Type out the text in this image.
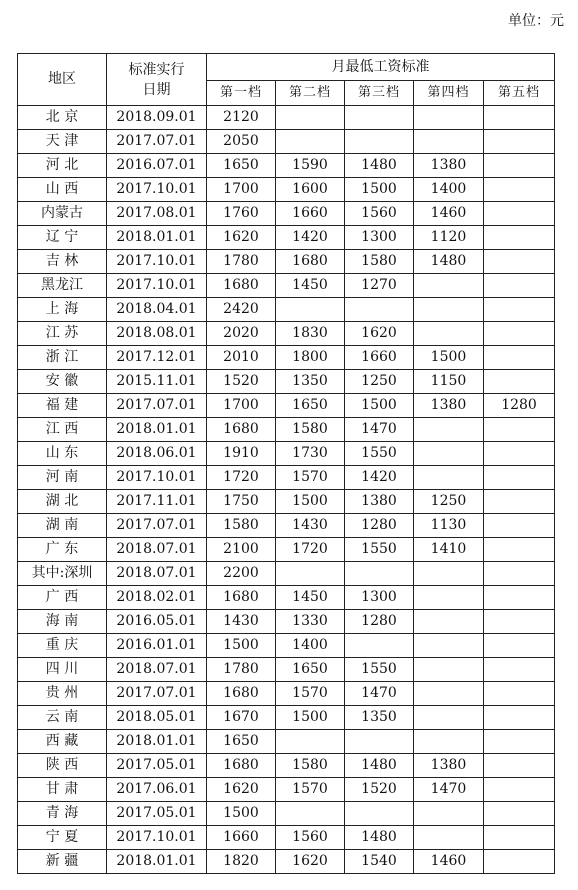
单位：元
地区	标准实行
日期	月最低工资标准				
		第一档	第二档	第三档	第四档	第五档
北 京	2018.09.01	2120				
天 津	2017.07.01	2050				
河 北	2016.07.01	1650	1590	1480	1380	
山 西	2017.10.01	1700	1600	1500	1400	
内蒙古	2017.08.01	1760	1660	1560	1460	
辽 宁	2018.01.01	1620	1420	1300	1120	
吉 林	2017.10.01	1780	1680	1580	1480	
黑龙江	2017.10.01	1680	1450	1270		
上 海	2018.04.01	2420				
江 苏	2018.08.01	2020	1830	1620		
浙 江	2017.12.01	2010	1800	1660	1500	
安 徽	2015.11.01	1520	1350	1250	1150	
福 建	2017.07.01	1700	1650	1500	1380	1280
江 西	2018.01.01	1680	1580	1470		
山 东	2018.06.01	1910	1730	1550		
河 南	2017.10.01	1720	1570	1420		
湖 北	2017.11.01	1750	1500	1380	1250	
湖 南	2017.07.01	1580	1430	1280	1130	
广 东	2018.07.01	2100	1720	1550	1410	
其中:深圳	2018.07.01	2200				
广 西	2018.02.01	1680	1450	1300		
海 南	2016.05.01	1430	1330	1280		
重 庆	2016.01.01	1500	1400			
四 川	2018.07.01	1780	1650	1550		
贵 州	2017.07.01	1680	1570	1470		
云 南	2018.05.01	1670	1500	1350		
西 藏	2018.01.01	1650				
陕 西	2017.05.01	1680	1580	1480	1380	
甘 肃	2017.06.01	1620	1570	1520	1470	
青 海	2017.05.01	1500				
宁 夏	2017.10.01	1660	1560	1480		
新 疆	2018.01.01	1820	1620	1540	1460	
